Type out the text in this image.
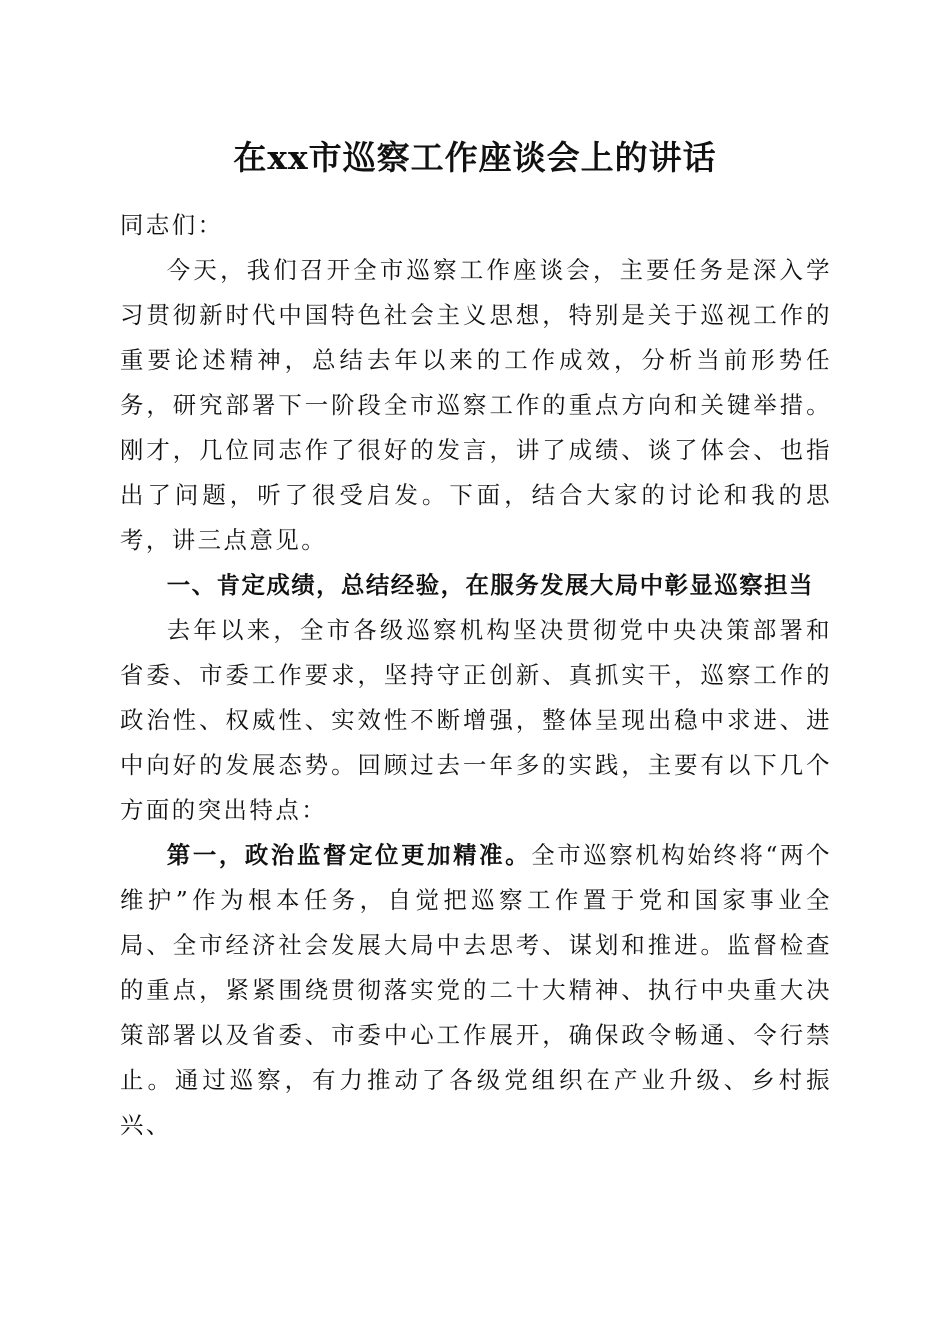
在xx市巡察工作座谈会上的讲话

同志们：

今天，我们召开全市巡察工作座谈会，主要任务是深入学习贯彻新时代中国特色社会主义思想，特别是关于巡视工作的重要论述精神，总结去年以来的工作成效，分析当前形势任务，研究部署下一阶段全市巡察工作的重点方向和关键举措。刚才，几位同志作了很好的发言，讲了成绩、谈了体会、也指出了问题，听了很受启发。下面，结合大家的讨论和我的思考，讲三点意见。

一、肯定成绩，总结经验，在服务发展大局中彰显巡察担当

去年以来，全市各级巡察机构坚决贯彻党中央决策部署和省委、市委工作要求，坚持守正创新、真抓实干，巡察工作的政治性、权威性、实效性不断增强，整体呈现出稳中求进、进中向好的发展态势。回顾过去一年多的实践，主要有以下几个方面的突出特点：

第一，政治监督定位更加精准。全市巡察机构始终将“两个维护”作为根本任务，自觉把巡察工作置于党和国家事业全局、全市经济社会发展大局中去思考、谋划和推进。监督检查的重点，紧紧围绕贯彻落实党的二十大精神、执行中央重大决策部署以及省委、市委中心工作展开，确保政令畅通、令行禁止。通过巡察，有力推动了各级党组织在产业升级、乡村振兴、
